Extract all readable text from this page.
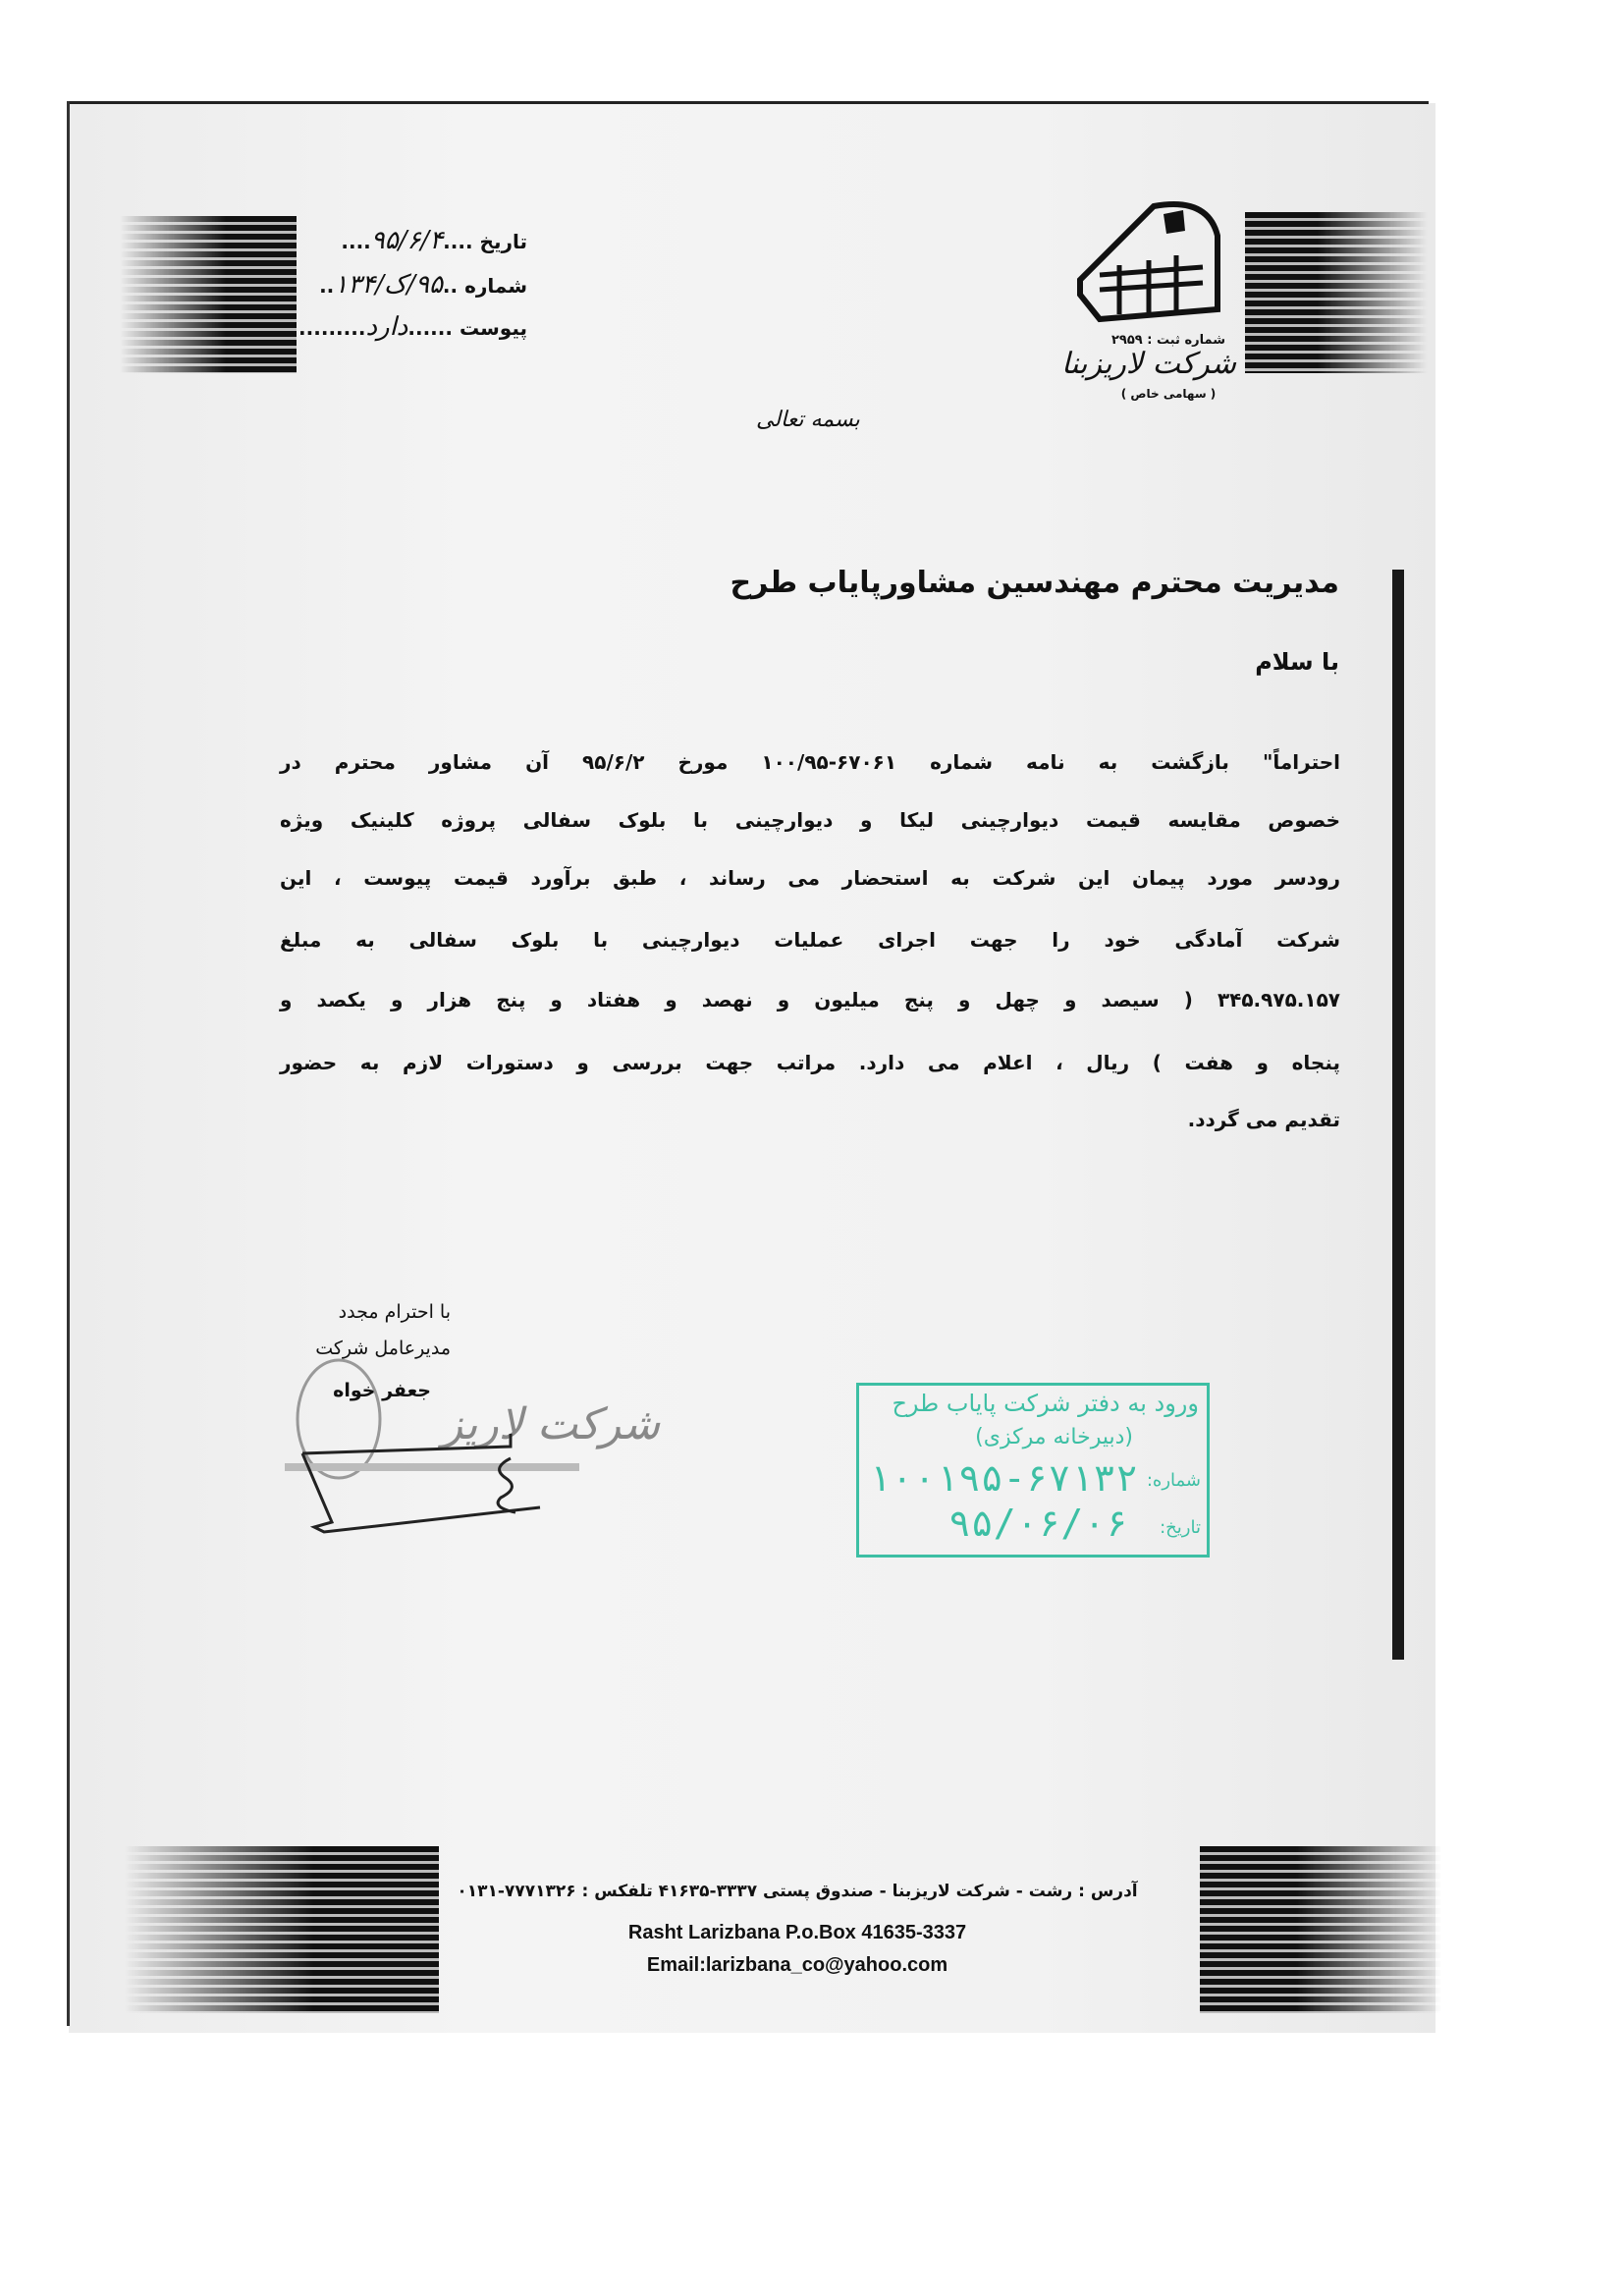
شماره ثبت : ۲۹۵۹
شرکت لاریزبنا
( سهامی خاص )
تاریخ ....۹۵/۶/۴....
شماره ..۹۵/ک/۱۳۴..
پیوست ......دارد.........
بسمه تعالی
مدیریت محترم مهندسین مشاورپایاب طرح
با سلام
احتراماً" بازگشت به نامه شماره ۶۷۰۶۱-۱۰۰/۹۵ مورخ ۹۵/۶/۲ آن مشاور محترم در
خصوص مقایسه قیمت دیوارچینی لیکا و دیوارچینی با بلوک سفالی پروژه کلینیک ویژه
رودسر مورد پیمان این شرکت به استحضار می رساند ، طبق برآورد قیمت پیوست ، این
شرکت آمادگی خود را جهت اجرای عملیات دیوارچینی با بلوک سفالی به مبلغ
۳۴۵.۹۷۵.۱۵۷ ( سیصد و چهل و پنج میلیون و نهصد و هفتاد و پنج هزار و یکصد و
پنجاه و هفت ) ریال ، اعلام می دارد. مراتب جهت بررسی و دستورات لازم به حضور
تقدیم می گردد.
با احترام مجدد
مدیرعامل شرکت
جعفر خواه
شرکت لاریز	ورود به دفتر شرکت پایاب طرح
(دبیرخانه مرکزی)
شماره:
۱۰۰۱۹۵-۶۷۱۳۲
تاریخ:
۹۵/۰۶/۰۶
آدرس : رشت - شرکت لاریزبنا - صندوق پستی ۳۳۳۷-۴۱۶۳۵ تلفکس : ۷۷۷۱۳۲۶-۰۱۳۱
Rasht Larizbana P.o.Box 41635-3337
Email:larizbana_co@yahoo.com
